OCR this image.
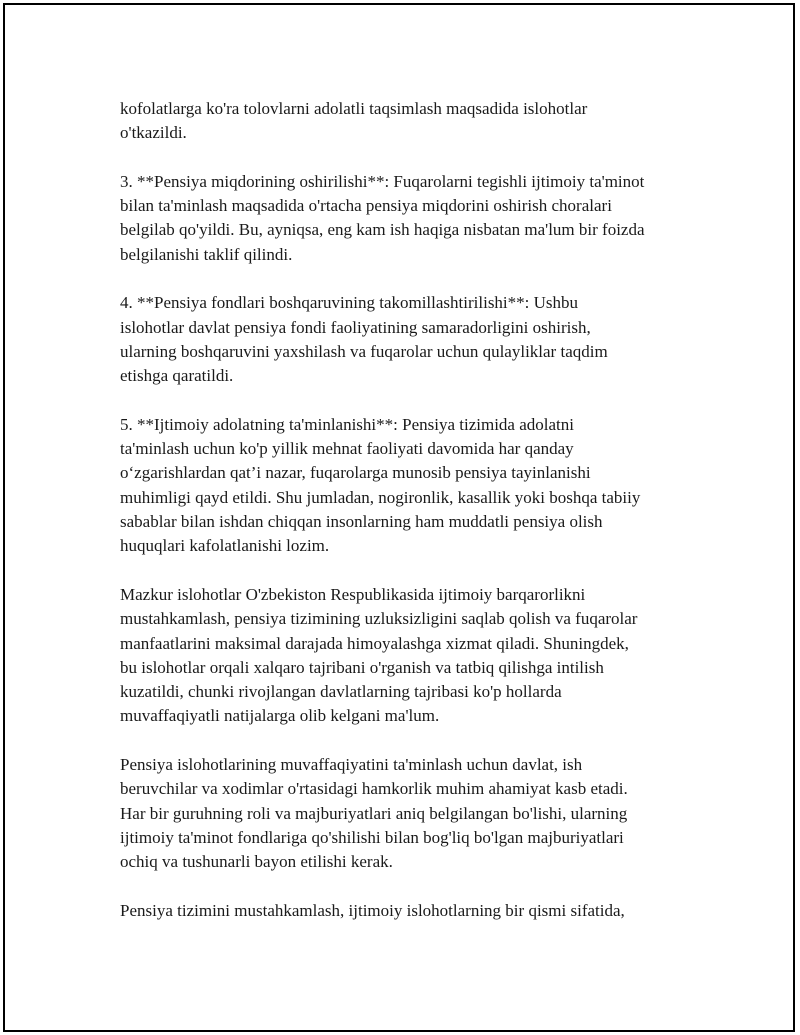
kofolatlarga ko'ra tolovlarni adolatli taqsimlash maqsadida islohotlar
o'tkazildi.

3. **Pensiya miqdorining oshirilishi**: Fuqarolarni tegishli ijtimoiy ta'minot
bilan ta'minlash maqsadida o'rtacha pensiya miqdorini oshirish choralari
belgilab qo'yildi. Bu, ayniqsa, eng kam ish haqiga nisbatan ma'lum bir foizda
belgilanishi taklif qilindi.

4. **Pensiya fondlari boshqaruvining takomillashtirilishi**: Ushbu
islohotlar davlat pensiya fondi faoliyatining samaradorligini oshirish,
ularning boshqaruvini yaxshilash va fuqarolar uchun qulayliklar taqdim
etishga qaratildi.

5. **Ijtimoiy adolatning ta'minlanishi**: Pensiya tizimida adolatni
ta'minlash uchun ko'p yillik mehnat faoliyati davomida har qanday
o‘zgarishlardan qat’i nazar, fuqarolarga munosib pensiya tayinlanishi
muhimligi qayd etildi. Shu jumladan, nogironlik, kasallik yoki boshqa tabiiy
sabablar bilan ishdan chiqqan insonlarning ham muddatli pensiya olish
huquqlari kafolatlanishi lozim.

Mazkur islohotlar O'zbekiston Respublikasida ijtimoiy barqarorlikni
mustahkamlash, pensiya tizimining uzluksizligini saqlab qolish va fuqarolar
manfaatlarini maksimal darajada himoyalashga xizmat qiladi. Shuningdek,
bu islohotlar orqali xalqaro tajribani o'rganish va tatbiq qilishga intilish
kuzatildi, chunki rivojlangan davlatlarning tajribasi ko'p hollarda
muvaffaqiyatli natijalarga olib kelgani ma'lum.

Pensiya islohotlarining muvaffaqiyatini ta'minlash uchun davlat, ish
beruvchilar va xodimlar o'rtasidagi hamkorlik muhim ahamiyat kasb etadi.
Har bir guruhning roli va majburiyatlari aniq belgilangan bo'lishi, ularning
ijtimoiy ta'minot fondlariga qo'shilishi bilan bog'liq bo'lgan majburiyatlari
ochiq va tushunarli bayon etilishi kerak.

Pensiya tizimini mustahkamlash, ijtimoiy islohotlarning bir qismi sifatida,
